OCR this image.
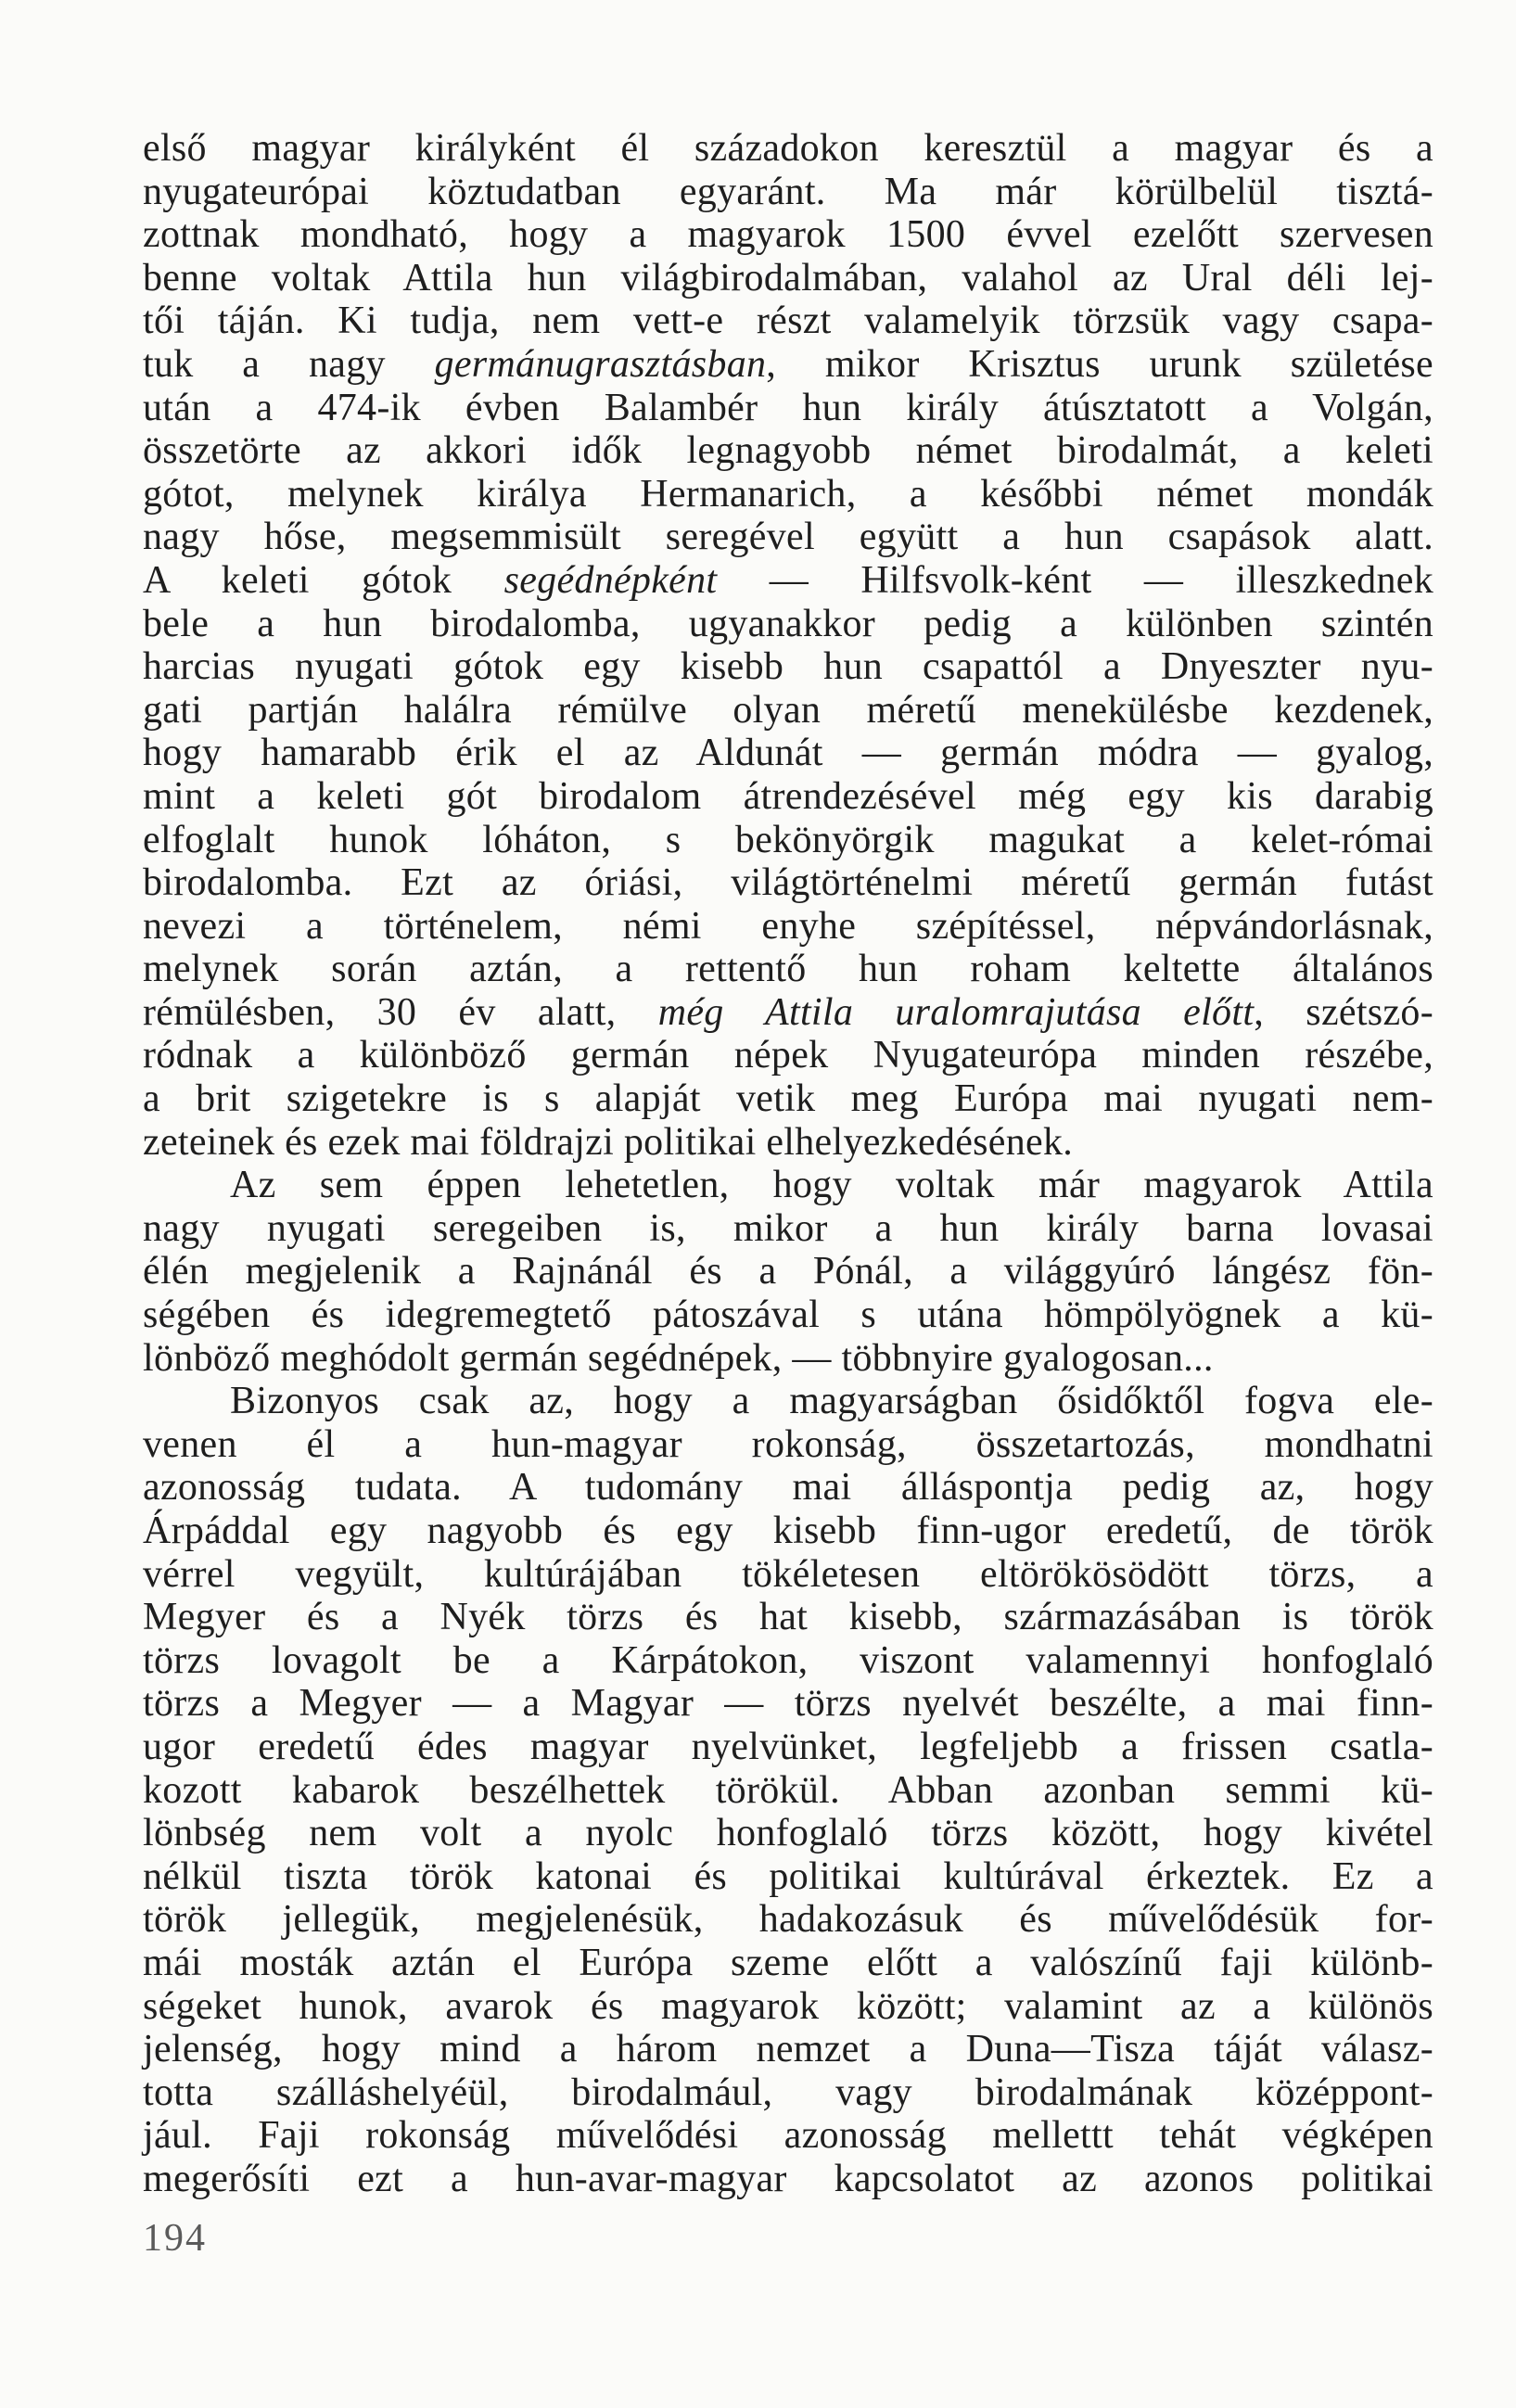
első magyar királyként él századokon keresztül a magyar és a
nyugateurópai köztudatban egyaránt. Ma már körülbelül tisztá-
zottnak mondható, hogy a magyarok 1500 évvel ezelőtt szervesen
benne voltak Attila hun világbirodalmában, valahol az Ural déli lej-
tői táján. Ki tudja, nem vett-e részt valamelyik törzsük vagy csapa-
tuk a nagy germánugrasztásban, mikor Krisztus urunk születése
után a 474-ik évben Balambér hun király átúsztatott a Volgán,
összetörte az akkori idők legnagyobb német birodalmát, a keleti
gótot, melynek királya Hermanarich, a későbbi német mondák
nagy hőse, megsemmisült seregével együtt a hun csapások alatt.
A keleti gótok segédnépként — Hilfsvolk-ként — illeszkednek
bele a hun birodalomba, ugyanakkor pedig a különben szintén
harcias nyugati gótok egy kisebb hun csapattól a Dnyeszter nyu-
gati partján halálra rémülve olyan méretű menekülésbe kezdenek,
hogy hamarabb érik el az Aldunát — germán módra — gyalog,
mint a keleti gót birodalom átrendezésével még egy kis darabig
elfoglalt hunok lóháton, s bekönyörgik magukat a kelet-római
birodalomba. Ezt az óriási, világtörténelmi méretű germán futást
nevezi a történelem, némi enyhe szépítéssel, népvándorlásnak,
melynek során aztán, a rettentő hun roham keltette általános
rémülésben, 30 év alatt, még Attila uralomrajutása előtt, szétszó-
ródnak a különböző germán népek Nyugateurópa minden részébe,
a brit szigetekre is s alapját vetik meg Európa mai nyugati nem-
zeteinek és ezek mai földrajzi politikai elhelyezkedésének.
Az sem éppen lehetetlen, hogy voltak már magyarok Attila
nagy nyugati seregeiben is, mikor a hun király barna lovasai
élén megjelenik a Rajnánál és a Pónál, a világgyúró lángész fön-
ségében és idegremegtető pátoszával s utána hömpölyögnek a kü-
lönböző meghódolt germán segédnépek, — többnyire gyalogosan...
Bizonyos csak az, hogy a magyarságban ősidőktől fogva ele-
venen él a hun-magyar rokonság, összetartozás, mondhatni
azonosság tudata. A tudomány mai álláspontja pedig az, hogy
Árpáddal egy nagyobb és egy kisebb finn-ugor eredetű, de török
vérrel vegyült, kultúrájában tökéletesen eltörökösödött törzs, a
Megyer és a Nyék törzs és hat kisebb, származásában is török
törzs lovagolt be a Kárpátokon, viszont valamennyi honfoglaló
törzs a Megyer — a Magyar — törzs nyelvét beszélte, a mai finn-
ugor eredetű édes magyar nyelvünket, legfeljebb a frissen csatla-
kozott kabarok beszélhettek törökül. Abban azonban semmi kü-
lönbség nem volt a nyolc honfoglaló törzs között, hogy kivétel
nélkül tiszta török katonai és politikai kultúrával érkeztek. Ez a
török jellegük, megjelenésük, hadakozásuk és művelődésük for-
mái mosták aztán el Európa szeme előtt a valószínű faji különb-
ségeket hunok, avarok és magyarok között; valamint az a különös
jelenség, hogy mind a három nemzet a Duna—Tisza táját válasz-
totta szálláshelyéül, birodalmául, vagy birodalmának középpont-
jául. Faji rokonság művelődési azonosság mellettt tehát végképen
megerősíti ezt a hun-avar-magyar kapcsolatot az azonos politikai
194
